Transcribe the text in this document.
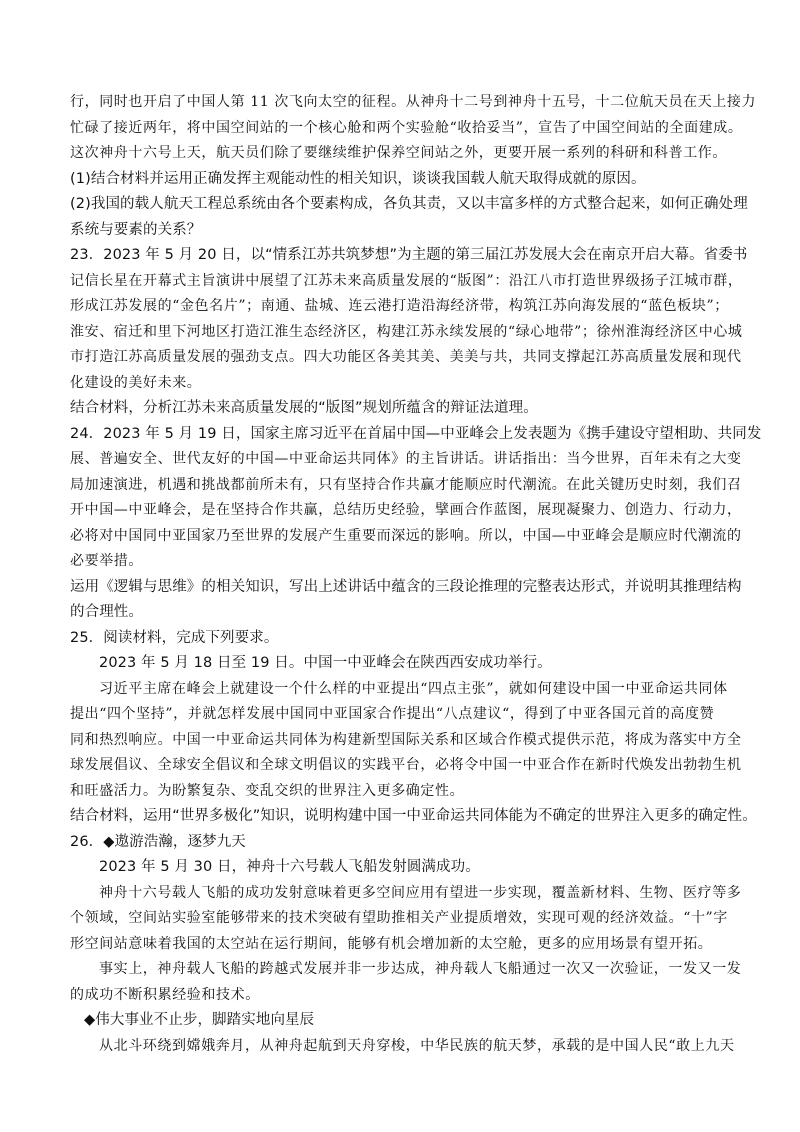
行，同时也开启了中国人第 11 次飞向太空的征程。从神舟十二号到神舟十五号，十二位航天员在天上接力
忙碌了接近两年，将中国空间站的一个核心舱和两个实验舱“收拾妥当”，宣告了中国空间站的全面建成。
这次神舟十六号上天，航天员们除了要继续维护保养空间站之外，更要开展一系列的科研和科普工作。
(1)结合材料并运用正确发挥主观能动性的相关知识，谈谈我国载人航天取得成就的原因。
(2)我国的载人航天工程总系统由各个要素构成，各负其责，又以丰富多样的方式整合起来，如何正确处理
系统与要素的关系？
23．2023 年 5 月 20 日，以“情系江苏共筑梦想”为主题的第三届江苏发展大会在南京开启大幕。省委书
记信长星在开幕式主旨演讲中展望了江苏未来高质量发展的“版图”：沿江八市打造世界级扬子江城市群，
形成江苏发展的“金色名片”；南通、盐城、连云港打造沿海经济带，构筑江苏向海发展的“蓝色板块”；
淮安、宿迁和里下河地区打造江淮生态经济区，构建江苏永续发展的“绿心地带”；徐州淮海经济区中心城
市打造江苏高质量发展的强劲支点。四大功能区各美其美、美美与共，共同支撑起江苏高质量发展和现代
化建设的美好未来。
结合材料，分析江苏未来高质量发展的“版图”规划所蕴含的辩证法道理。
24．2023 年 5 月 19 日，国家主席习近平在首届中国—中亚峰会上发表题为《携手建设守望相助、共同发
展、普遍安全、世代友好的中国—中亚命运共同体》的主旨讲话。讲话指出：当今世界，百年未有之大变
局加速演进，机遇和挑战都前所未有，只有坚持合作共赢才能顺应时代潮流。在此关键历史时刻，我们召
开中国—中亚峰会，是在坚持合作共赢，总结历史经验，擘画合作蓝图，展现凝聚力、创造力、行动力，
必将对中国同中亚国家乃至世界的发展产生重要而深远的影响。所以，中国—中亚峰会是顺应时代潮流的
必要举措。
运用《逻辑与思维》的相关知识，写出上述讲话中蕴含的三段论推理的完整表达形式，并说明其推理结构
的合理性。
25．阅读材料，完成下列要求。
2023 年 5 月 18 日至 19 日。中国一中亚峰会在陕西西安成功举行。
习近平主席在峰会上就建设一个什么样的中亚提出“四点主张”，就如何建设中国一中亚命运共同体
提出“四个坚持”，并就怎样发展中国同中亚国家合作提出“八点建议“，得到了中亚各国元首的高度赞
同和热烈响应。中国一中亚命运共同体为构建新型国际关系和区域合作模式提供示范，将成为落实中方全
球发展倡议、全球安全倡议和全球文明倡议的实践平台，必将令中国一中亚合作在新时代焕发出勃勃生机
和旺盛活力。为盼繁复杂、变乱交织的世界注入更多确定性。
结合材料，运用“世界多极化”知识，说明构建中国一中亚命运共同体能为不确定的世界注入更多的确定性。
26．◆遨游浩瀚，逐梦九天
2023 年 5 月 30 日，神舟十六号载人飞船发射圆满成功。
神舟十六号载人飞船的成功发射意味着更多空间应用有望进一步实现，覆盖新材料、生物、医疗等多
个领域，空间站实验室能够带来的技术突破有望助推相关产业提质增效，实现可观的经济效益。“十”字
形空间站意味着我国的太空站在运行期间，能够有机会增加新的太空舱，更多的应用场景有望开拓。
事实上，神舟载人飞船的跨越式发展并非一步达成，神舟载人飞船通过一次又一次验证，一发又一发
的成功不断积累经验和技术。
◆伟大事业不止步，脚踏实地向星辰
从北斗环绕到嫦娥奔月，从神舟起航到天舟穿梭，中华民族的航天梦，承载的是中国人民“敢上九天
